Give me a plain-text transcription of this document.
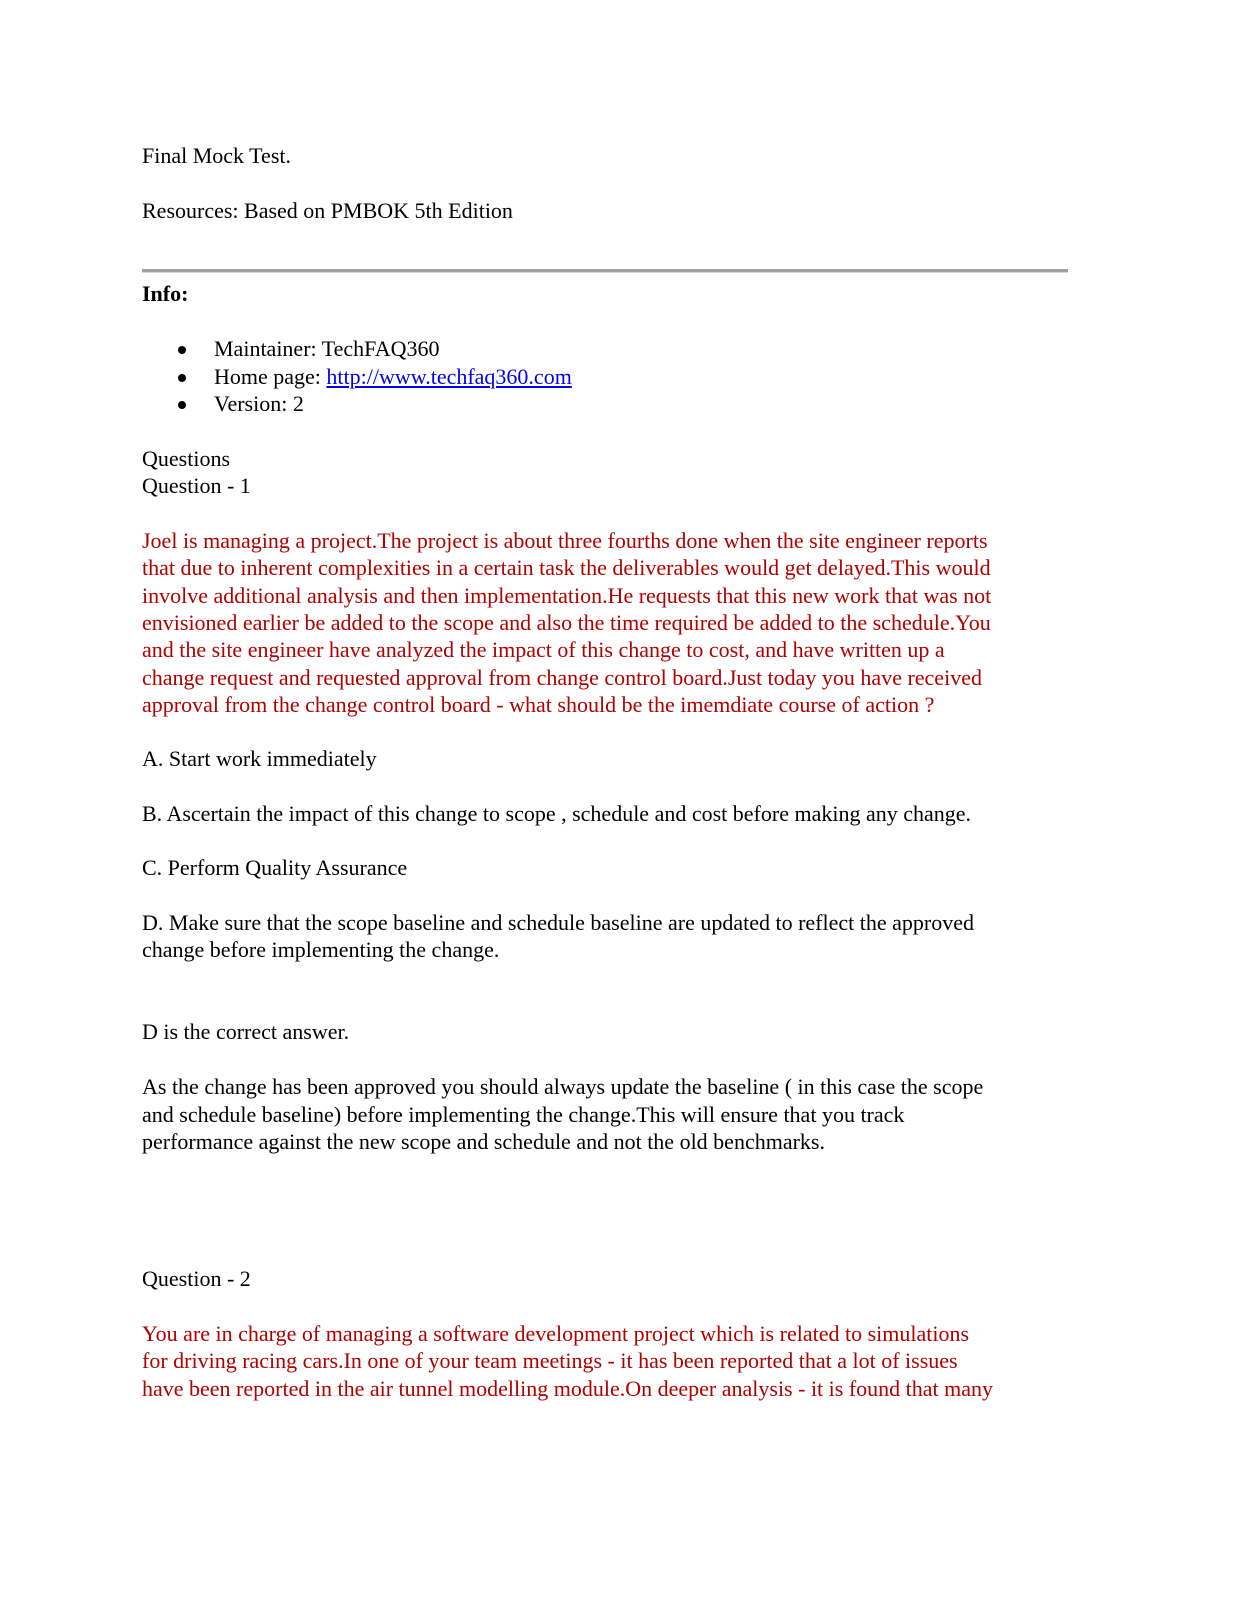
Final Mock Test.
Resources: Based on PMBOK 5th Edition
Info:
Maintainer: TechFAQ360
Home page: http://www.techfaq360.com
Version: 2
Questions
Question - 1
Joel is managing a project.The project is about three fourths done when the site engineer reports
that due to inherent complexities in a certain task the deliverables would get delayed.This would
involve additional analysis and then implementation.He requests that this new work that was not
envisioned earlier be added to the scope and also the time required be added to the schedule.You
and the site engineer have analyzed the impact of this change to cost, and have written up a
change request and requested approval from change control board.Just today you have received
approval from the change control board - what should be the imemdiate course of action ?
A. Start work immediately
B. Ascertain the impact of this change to scope , schedule and cost before making any change.
C. Perform Quality Assurance
D. Make sure that the scope baseline and schedule baseline are updated to reflect the approved
change before implementing the change.
D is the correct answer.
As the change has been approved you should always update the baseline ( in this case the scope
and schedule baseline) before implementing the change.This will ensure that you track
performance against the new scope and schedule and not the old benchmarks.
Question - 2
You are in charge of managing a software development project which is related to simulations
for driving racing cars.In one of your team meetings - it has been reported that a lot of issues
have been reported in the air tunnel modelling module.On deeper analysis - it is found that many
